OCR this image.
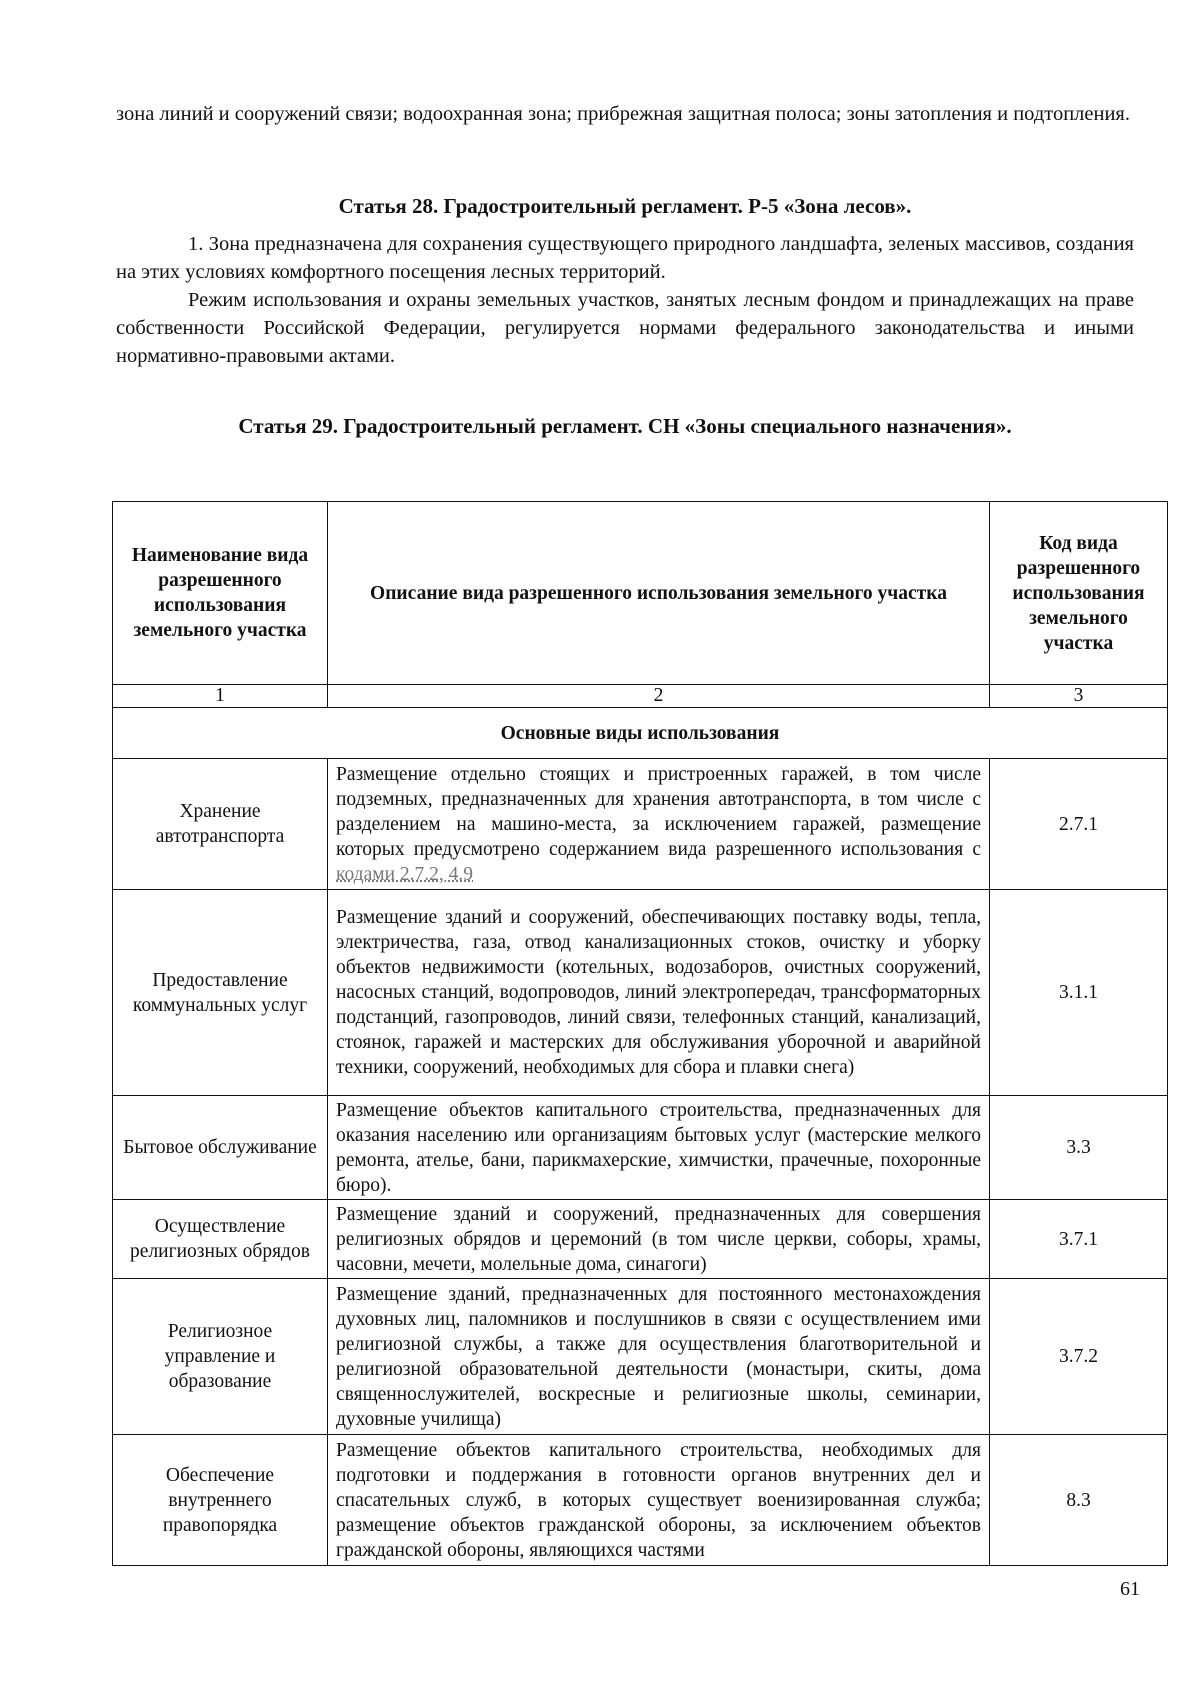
зона линий и сооружений связи; водоохранная зона; прибрежная защитная полоса; зоны затопления и подтопления.

Статья 28. Градостроительный регламент. Р-5 «Зона лесов».

1. Зона предназначена для сохранения существующего природного ландшафта, зеленых массивов, создания на этих условиях комфортного посещения лесных территорий.

Режим использования и охраны земельных участков, занятых лесным фондом и принадлежащих на праве собственности Российской Федерации, регулируется нормами федерального законодательства и иными нормативно-правовыми актами.

Статья 29. Градостроительный регламент. СН «Зоны специального назначения».
Наименование вида разрешенного использования земельного участка	Описание вида разрешенного использования земельного участка	Код вида разрешенного использования земельного участка
1	2	3
Основные виды использования		
Хранение автотранспорта	Размещение отдельно стоящих и пристроенных гаражей, в том числе подземных, предназначенных для хранения автотранспорта, в том числе с разделением на машино-места, за исключением гаражей, размещение которых предусмотрено содержанием вида разрешенного использования с кодами 2.7.2, 4.9	2.7.1
Предоставление коммунальных услуг	Размещение зданий и сооружений, обеспечивающих поставку воды, тепла, электричества, газа, отвод канализационных стоков, очистку и уборку объектов недвижимости (котельных, водозаборов, очистных сооружений, насосных станций, водопроводов, линий электропередач, трансформаторных подстанций, газопроводов, линий связи, телефонных станций, канализаций, стоянок, гаражей и мастерских для обслуживания уборочной и аварийной техники, сооружений, необходимых для сбора и плавки снега)	3.1.1
Бытовое обслуживание	Размещение объектов капитального строительства, предназначенных для оказания населению или организациям бытовых услуг (мастерские мелкого ремонта, ателье, бани, парикмахерские, химчистки, прачечные, похоронные бюро).	3.3
Осуществление религиозных обрядов	Размещение зданий и сооружений, предназначенных для совершения религиозных обрядов и церемоний (в том числе церкви, соборы, храмы, часовни, мечети, молельные дома, синагоги)	3.7.1
Религиозное управление и образование	Размещение зданий, предназначенных для постоянного местонахождения духовных лиц, паломников и послушников в связи с осуществлением ими религиозной службы, а также для осуществления благотворительной и религиозной образовательной деятельности (монастыри, скиты, дома священнослужителей, воскресные и религиозные школы, семинарии, духовные училища)	3.7.2
Обеспечение внутреннего правопорядка	Размещение объектов капитального строительства, необходимых для подготовки и поддержания в готовности органов внутренних дел и спасательных служб, в которых существует военизированная служба; размещение объектов гражданской обороны, за исключением объектов гражданской обороны, являющихся частями	8.3
61
